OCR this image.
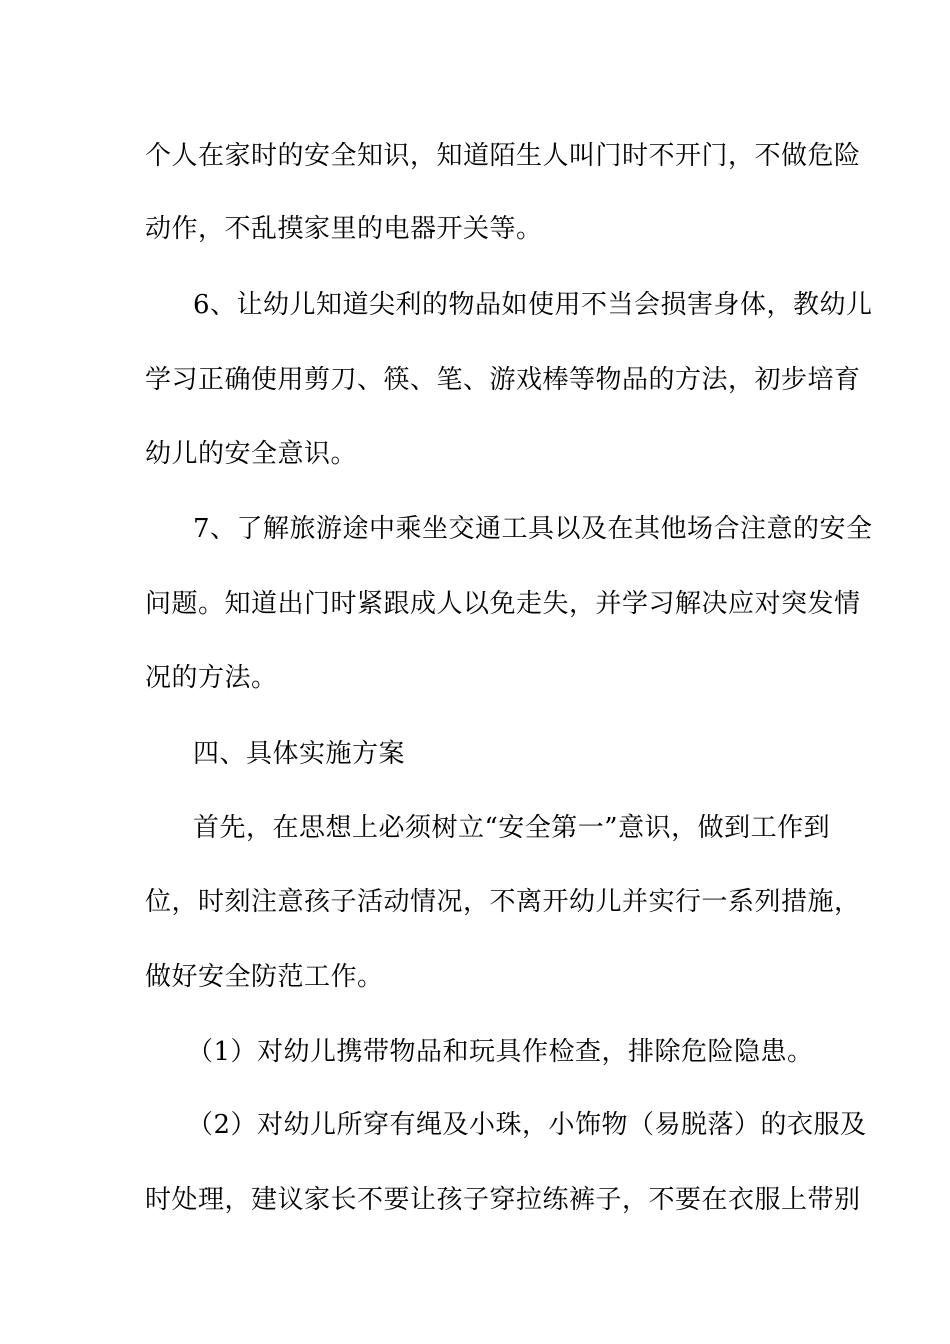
个人在家时的安全知识，知道陌生人叫门时不开门，不做危险
动作，不乱摸家里的电器开关等。
6、让幼儿知道尖利的物品如使用不当会损害身体，教幼儿
学习正确使用剪刀、筷、笔、游戏棒等物品的方法，初步培育
幼儿的安全意识。
7、了解旅游途中乘坐交通工具以及在其他场合注意的安全
问题。知道出门时紧跟成人以免走失，并学习解决应对突发情
况的方法。
四、具体实施方案
首先，在思想上必须树立“安全第一”意识，做到工作到
位，时刻注意孩子活动情况，不离开幼儿并实行一系列措施，
做好安全防范工作。
（1）对幼儿携带物品和玩具作检查，排除危险隐患。
（2）对幼儿所穿有绳及小珠，小饰物（易脱落）的衣服及
时处理，建议家长不要让孩子穿拉练裤子，不要在衣服上带别
